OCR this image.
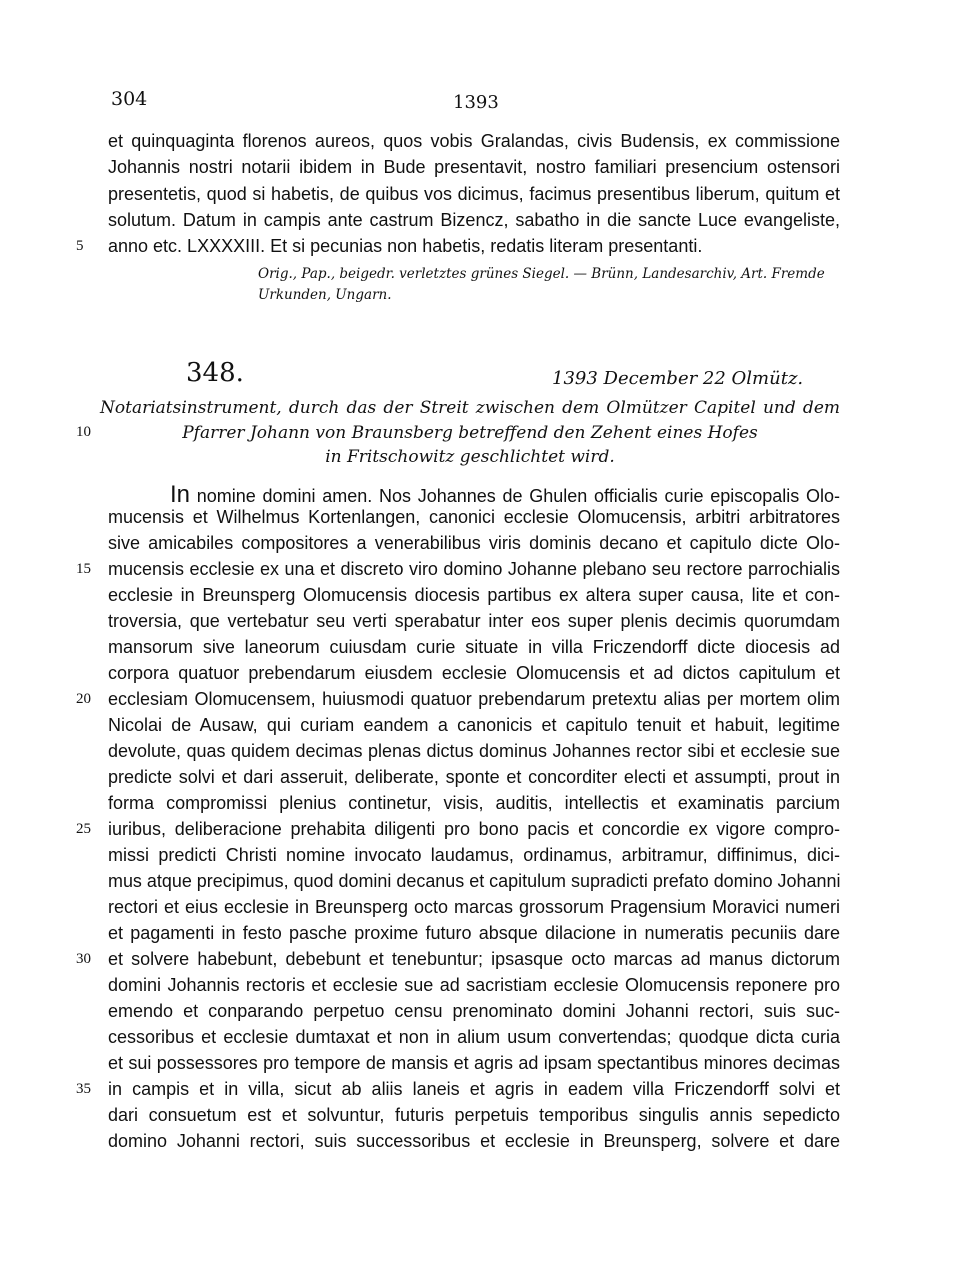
304	1393
et quinquaginta florenos aureos, quos vobis Gralandas, civis Budensis, ex commissione
Johannis nostri notarii ibidem in Bude presentavit, nostro familiari presencium ostensori
presentetis, quod si habetis, de quibus vos dicimus, facimus presentibus liberum, quitum et
solutum. Datum in campis ante castrum Bizencz, sabatho in die sancte Luce evangeliste,
5 anno etc. LXXXXIII. Et si pecunias non habetis, redatis literam presentanti.
Orig., Pap., beigedr. verletztes grünes Siegel. — Brünn, Landesarchiv, Art. Fremde
Urkunden, Ungarn.
348.	1393 December 22 Olmütz.
Notariatsinstrument, durch das der Streit zwischen dem Olmützer Capitel und dem
10	Pfarrer Johann von Braunsberg betreffend den Zehent eines Hofes
in Fritschowitz geschlichtet wird.
In nomine domini amen. Nos Johannes de Ghulen officialis curie episcopalis Olo-
mucensis et Wilhelmus Kortenlangen, canonici ecclesie Olomucensis, arbitri arbitratores
sive amicabiles compositores a venerabilibus viris dominis decano et capitulo dicte Olo-
15 mucensis ecclesie ex una et discreto viro domino Johanne plebano seu rectore parrochialis
ecclesie in Breunsperg Olomucensis diocesis partibus ex altera super causa, lite et con-
troversia, que vertebatur seu verti sperabatur inter eos super plenis decimis quorumdam
mansorum sive laneorum cuiusdam curie situate in villa Friczendorff dicte diocesis ad
corpora quatuor prebendarum eiusdem ecclesie Olomucensis et ad dictos capitulum et
20 ecclesiam Olomucensem, huiusmodi quatuor prebendarum pretextu alias per mortem olim
Nicolai de Ausaw, qui curiam eandem a canonicis et capitulo tenuit et habuit, legitime
devolute, quas quidem decimas plenas dictus dominus Johannes rector sibi et ecclesie sue
predicte solvi et dari asseruit, deliberate, sponte et concorditer electi et assumpti, prout in
forma compromissi plenius continetur, visis, auditis, intellectis et examinatis parcium
25 iuribus, deliberacione prehabita diligenti pro bono pacis et concordie ex vigore compro-
missi predicti Christi nomine invocato laudamus, ordinamus, arbitramur, diffinimus, dici-
mus atque precipimus, quod domini decanus et capitulum supradicti prefato domino Johanni
rectori et eius ecclesie in Breunsperg octo marcas grossorum Pragensium Moravici numeri
et pagamenti in festo pasche proxime futuro absque dilacione in numeratis pecuniis dare
30 et solvere habebunt, debebunt et tenebuntur; ipsasque octo marcas ad manus dictorum
domini Johannis rectoris et ecclesie sue ad sacristiam ecclesie Olomucensis reponere pro
emendo et conparando perpetuo censu prenominato domini Johanni rectori, suis suc-
cessoribus et ecclesie dumtaxat et non in alium usum convertendas; quodque dicta curia
et sui possessores pro tempore de mansis et agris ad ipsam spectantibus minores decimas
35 in campis et in villa, sicut ab aliis laneis et agris in eadem villa Friczendorff solvi et
dari consuetum est et solvuntur, futuris perpetuis temporibus singulis annis sepedicto
domino Johanni rectori, suis successoribus et ecclesie in Breunsperg, solvere et dare
